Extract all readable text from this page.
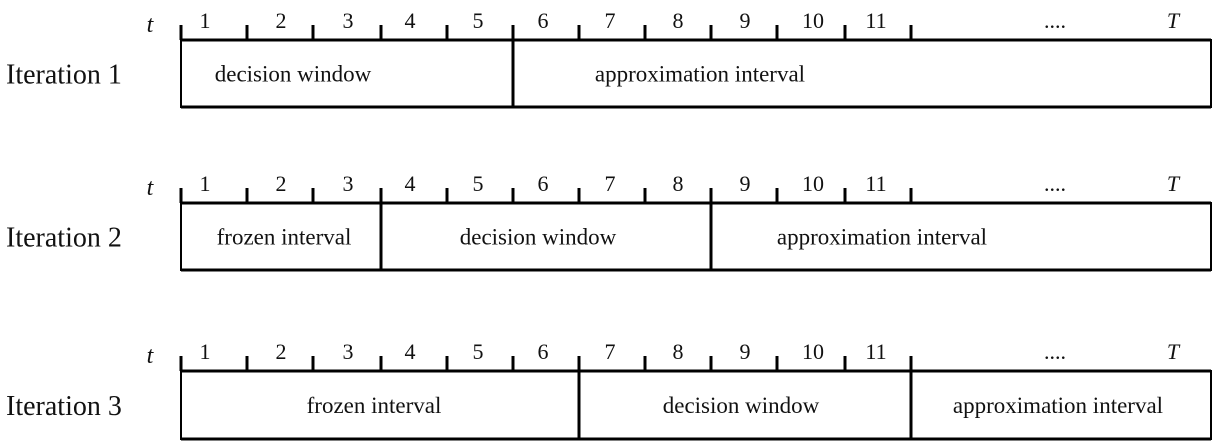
t 1	2	3 4	5 6	7	8	9 10 11	....	T
Iteration 1	decision window	approximation interval
t 1	2	3 4	5 6	7	8	9 10 11	....	T
Iteration 2	frozen interval	decision window	approximation interval
t 1	2	3 4	5 6	7	8	9 10 11	....	T
Iteration 3	frozen interval	decision window	approximation interval
